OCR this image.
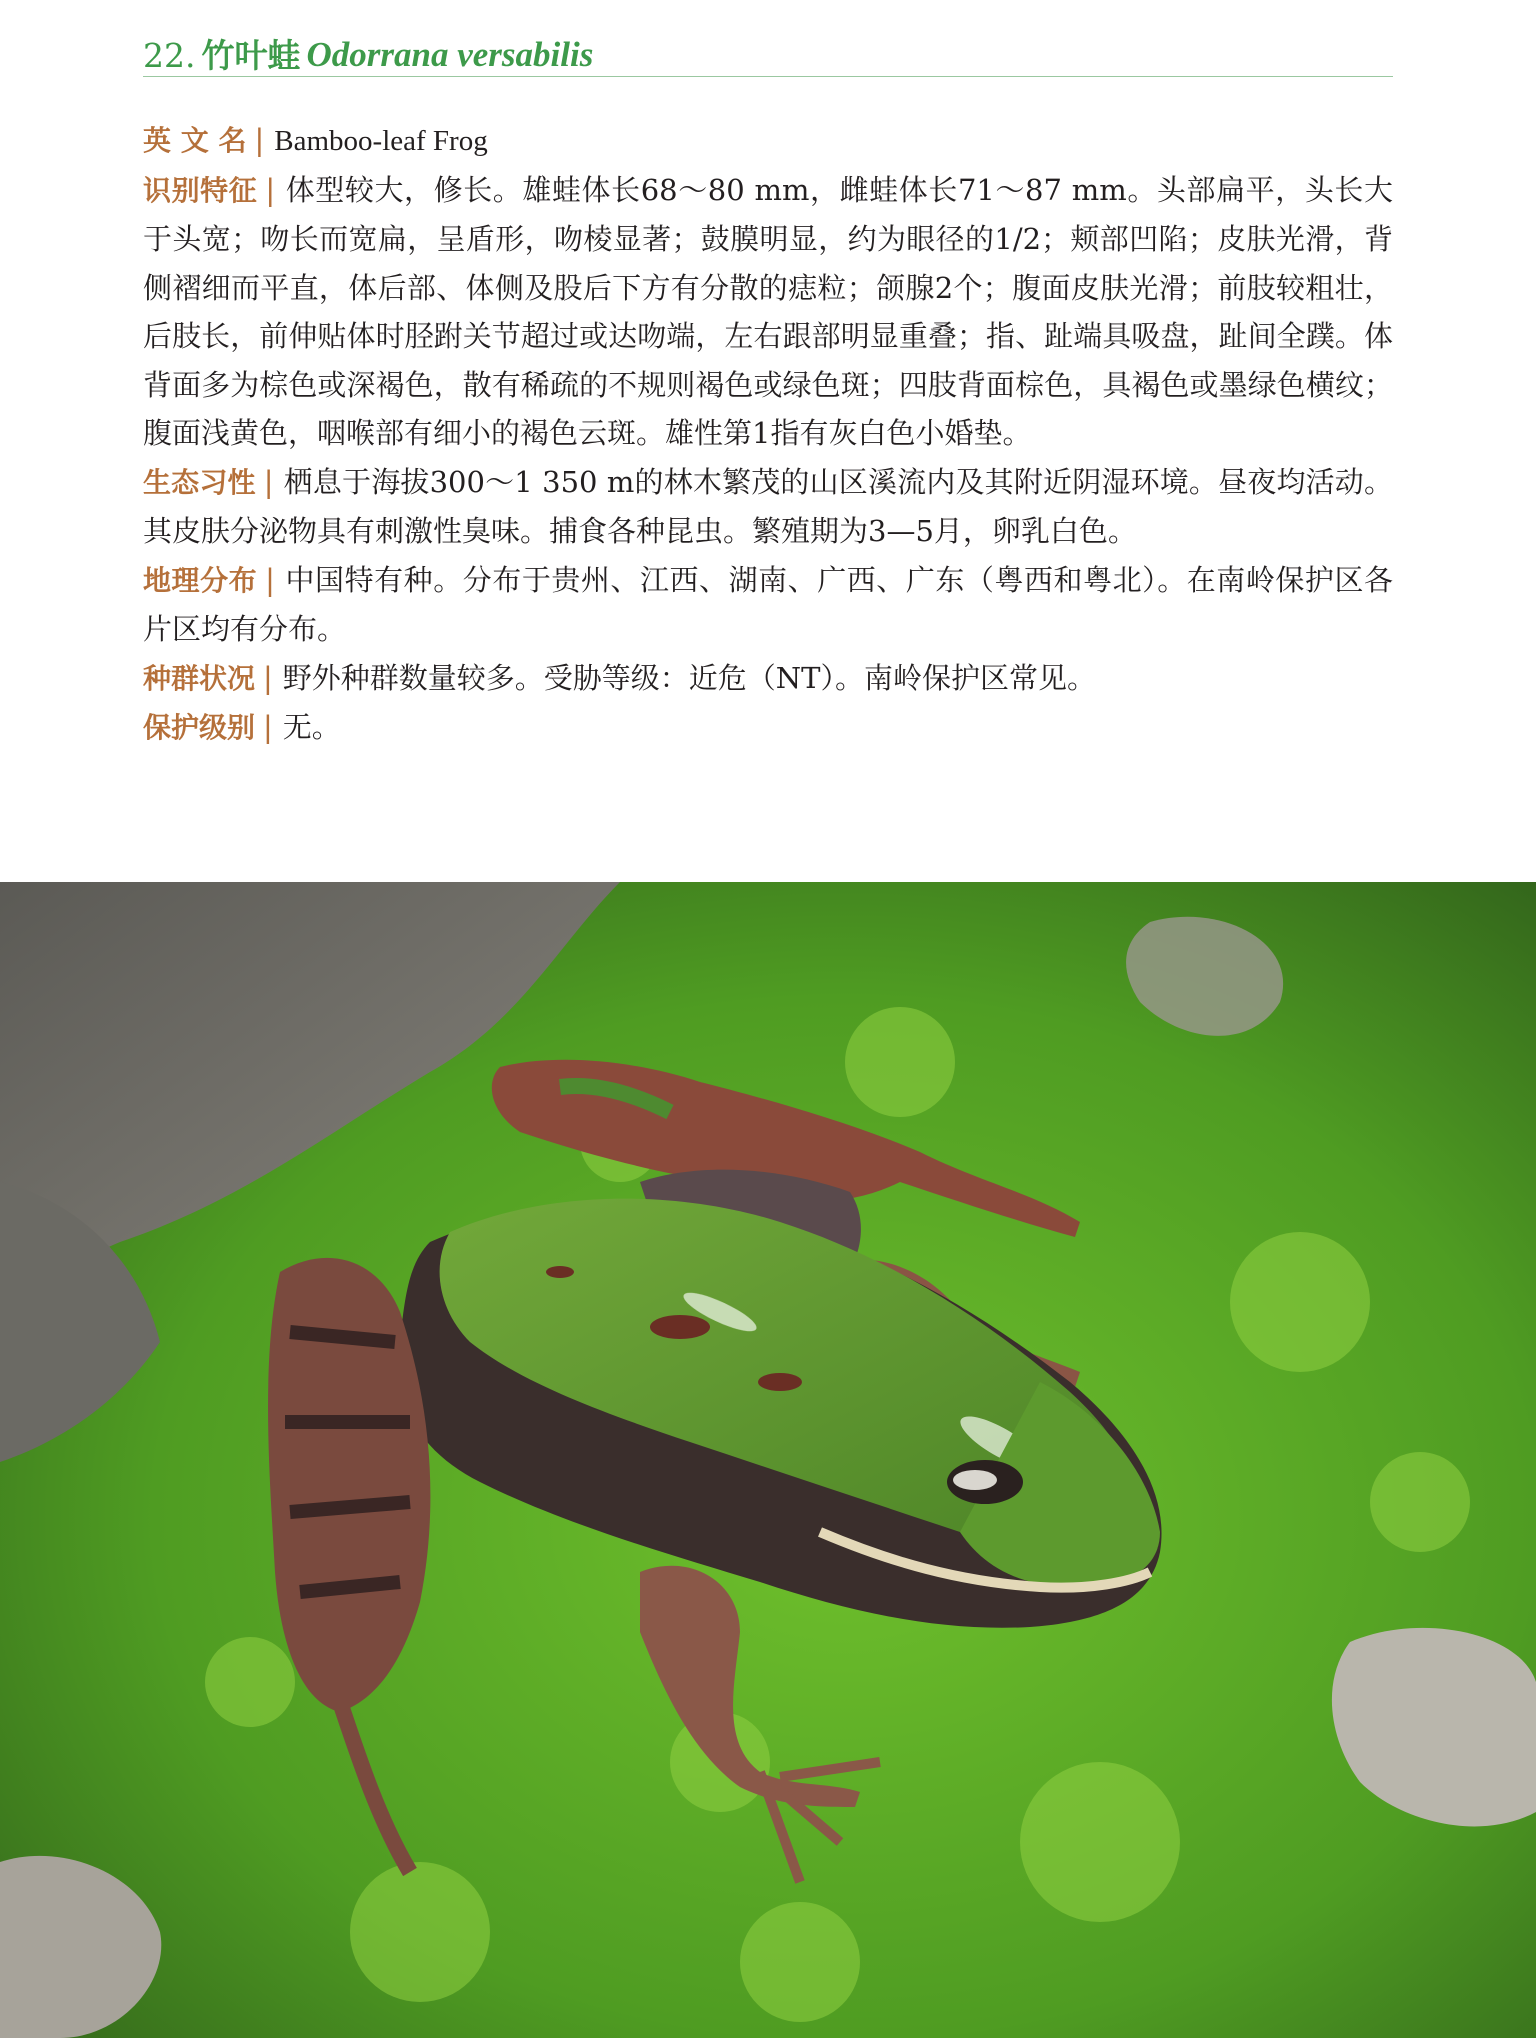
22. 竹叶蛙 Odorrana versabilis

英 文 名 | Bamboo-leaf Frog

识别特征 | 体型较大，修长。雄蛙体长68～80 mm，雌蛙体长71～87 mm。头部扁平，头长大于头宽；吻长而宽扁，呈盾形，吻棱显著；鼓膜明显，约为眼径的1/2；颊部凹陷；皮肤光滑，背侧褶细而平直，体后部、体侧及股后下方有分散的痣粒；颌腺2个；腹面皮肤光滑；前肢较粗壮，后肢长，前伸贴体时胫跗关节超过或达吻端，左右跟部明显重叠；指、趾端具吸盘，趾间全蹼。体背面多为棕色或深褐色，散有稀疏的不规则褐色或绿色斑；四肢背面棕色，具褐色或墨绿色横纹；腹面浅黄色，咽喉部有细小的褐色云斑。雄性第1指有灰白色小婚垫。

生态习性 | 栖息于海拔300～1 350 m的林木繁茂的山区溪流内及其附近阴湿环境。昼夜均活动。其皮肤分泌物具有刺激性臭味。捕食各种昆虫。繁殖期为3—5月，卵乳白色。

地理分布 | 中国特有种。分布于贵州、江西、湖南、广西、广东（粤西和粤北）。在南岭保护区各片区均有分布。

种群状况 | 野外种群数量较多。受胁等级：近危（NT）。南岭保护区常见。

保护级别 | 无。
